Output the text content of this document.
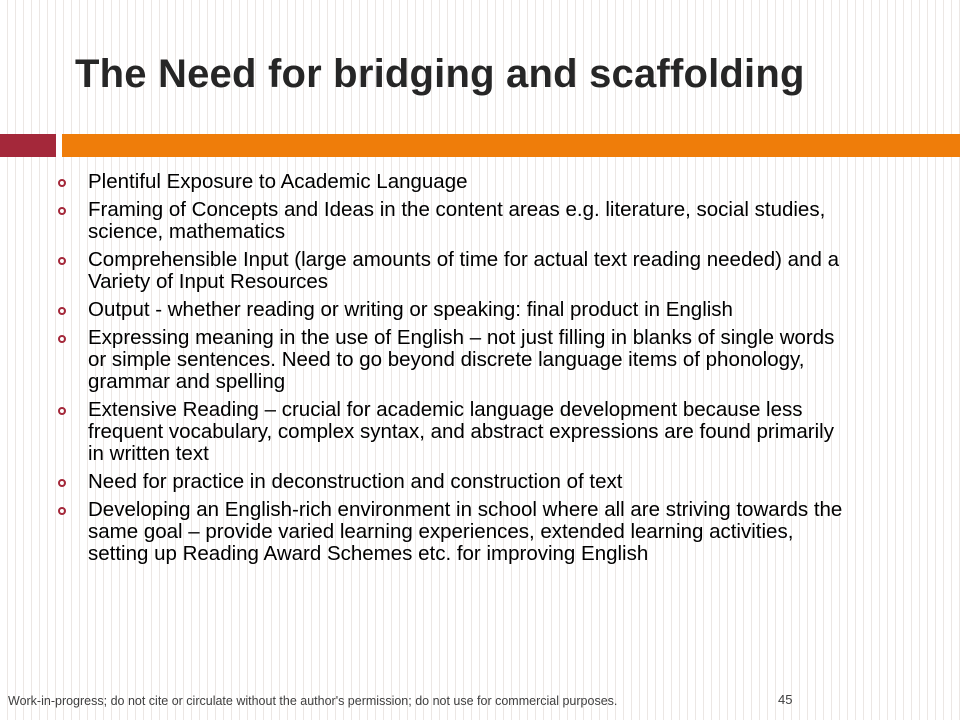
The Need for bridging and scaffolding
Plentiful Exposure to Academic Language
Framing of Concepts and Ideas in the content areas e.g. literature, social studies, science, mathematics
Comprehensible Input (large amounts of time for actual text reading needed) and a Variety of Input Resources
Output - whether reading or writing or speaking: final product in English
Expressing meaning in the use of English – not just filling in blanks of single words or simple sentences. Need to go beyond discrete language items of phonology, grammar and spelling
Extensive Reading – crucial for academic language development because less frequent vocabulary, complex syntax, and abstract expressions are found primarily in written text
Need for practice in deconstruction and construction of text
Developing an English-rich environment in school where all are striving towards the same goal – provide varied learning experiences, extended learning activities, setting up Reading Award Schemes etc. for improving English
Work-in-progress; do not cite or circulate without the author's permission; do not use for commercial purposes.	45
